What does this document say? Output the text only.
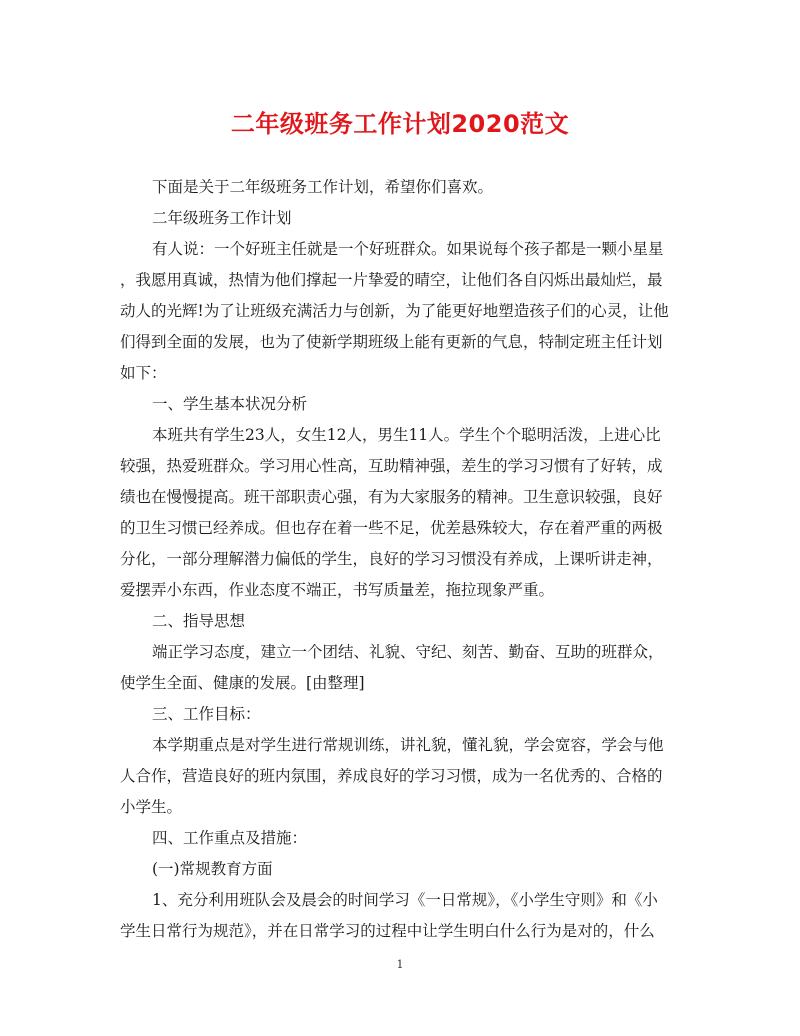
二年级班务工作计划2020范文
下面是关于二年级班务工作计划，希望你们喜欢。
二年级班务工作计划
有人说：一个好班主任就是一个好班群众。如果说每个孩子都是一颗小星星
，我愿用真诚，热情为他们撑起一片挚爱的晴空，让他们各自闪烁出最灿烂，最
动人的光辉!为了让班级充满活力与创新，为了能更好地塑造孩子们的心灵，让他
们得到全面的发展，也为了使新学期班级上能有更新的气息，特制定班主任计划
如下：
一、学生基本状况分析
本班共有学生23人，女生12人，男生11人。学生个个聪明活泼，上进心比
较强，热爱班群众。学习用心性高，互助精神强，差生的学习习惯有了好转，成
绩也在慢慢提高。班干部职责心强，有为大家服务的精神。卫生意识较强，良好
的卫生习惯已经养成。但也存在着一些不足，优差悬殊较大，存在着严重的两极
分化，一部分理解潜力偏低的学生，良好的学习习惯没有养成，上课听讲走神，
爱摆弄小东西，作业态度不端正，书写质量差，拖拉现象严重。
二、指导思想
端正学习态度，建立一个团结、礼貌、守纪、刻苦、勤奋、互助的班群众，
使学生全面、健康的发展。[由整理]
三、工作目标：
本学期重点是对学生进行常规训练，讲礼貌，懂礼貌，学会宽容，学会与他
人合作，营造良好的班内氛围，养成良好的学习习惯，成为一名优秀的、合格的
小学生。
四、工作重点及措施：
(一)常规教育方面
1、充分利用班队会及晨会的时间学习《一日常规》，《小学生守则》和《小
学生日常行为规范》，并在日常学习的过程中让学生明白什么行为是对的，什么
1
